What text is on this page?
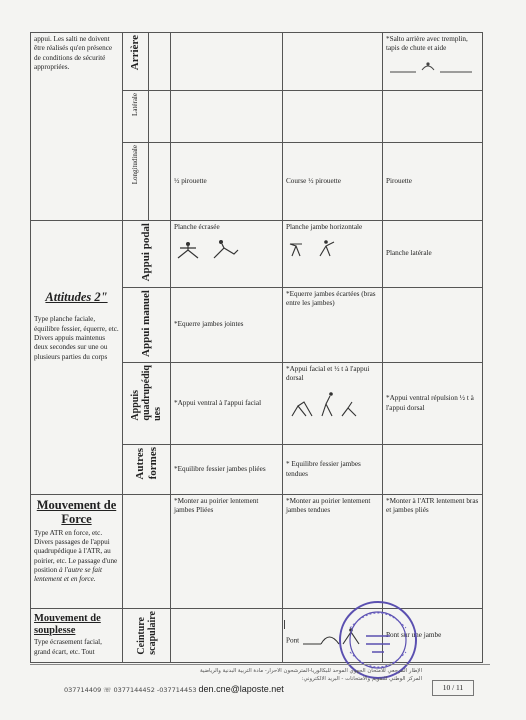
appui. Les salti ne doivent être réalisés qu'en présence de conditions de sécurité appropriées.	Arrière				*Salto arrière avec tremplin, tapis de chute et aide
	Latérale				
	Longitudinale		½ pirouette	Course ½ pirouette	Pirouette

Attitudes 2"
Type planche faciale, équilibre fessier, équerre, etc. Divers appuis maintenus deux secondes sur une ou plusieurs parties du corps	Appui podal		Planche écrasée	Planche jambe horizontale	Planche latérale
	Appui manuel		*Equerre jambes jointes	*Equerre jambes écartées (bras entre les jambes)	
	Appuisquadrupédiques		*Appui ventral à l'appui facial	*Appui facial et ½ t à l'appui dorsal	*Appui ventral répulsion ½ t à l'appui dorsal
	Autresformes		*Equilibre fessier jambes pliées	* Equilibre fessier jambes tendues	

Mouvement de Force
Type ATR en force, etc. Divers passages de l'appui quadrupédique à l'ATR, au poirier, etc. Le passage d'une position à l'autre se fait lentement et en force.			*Monter au poirier lentement jambes Pliées	*Monter au poirier lentement jambes tendues	*Monter à l'ATR lentement bras et jambes pliés

Mouvement de souplesse
Type écrasement facial, grand écart, etc. Tout	Ceinturescapulaire			Pont	Pont sur une jambe
الإطار المرجعي للامتحان الجهوي الموحد للبكالوريا-المترشحون الأحرار- مادة التربية البدنية والرياضية
المركز الوطني للتقويم والامتحانات - البريد الالكتروني:
037714409 ☏ 0377144452 -037714453 den.cne@laposte.net	10 / 11
